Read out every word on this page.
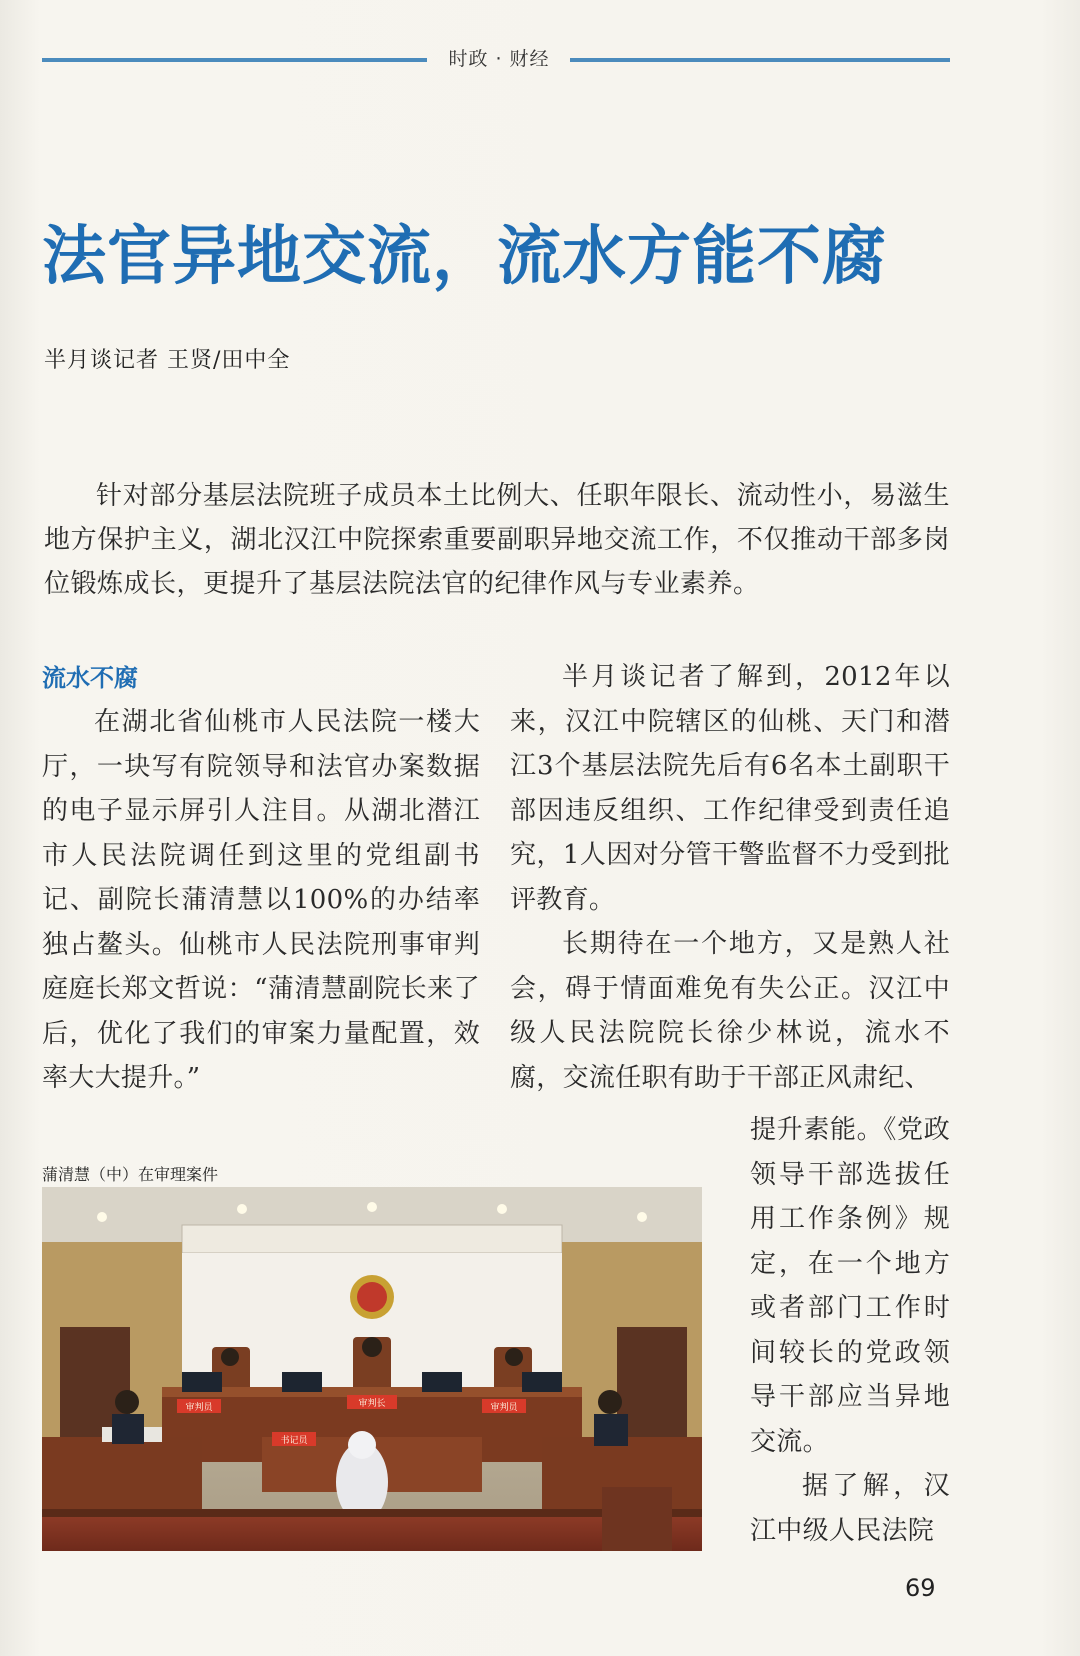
时政 · 财经
法官异地交流，流水方能不腐
半月谈记者 王贤/田中全

针对部分基层法院班子成员本土比例大、任职年限长、流动性小，易滋生地方保护主义，湖北汉江中院探索重要副职异地交流工作，不仅推动干部多岗位锻炼成长，更提升了基层法院法官的纪律作风与专业素养。

流水不腐

在湖北省仙桃市人民法院一楼大厅，一块写有院领导和法官办案数据的电子显示屏引人注目。从湖北潜江市人民法院调任到这里的党组副书记、副院长蒲清慧以100%的办结率独占鳌头。仙桃市人民法院刑事审判庭庭长郑文哲说：“蒲清慧副院长来了后，优化了我们的审案力量配置，效率大大提升。”

半月谈记者了解到，2012年以来，汉江中院辖区的仙桃、天门和潜江3个基层法院先后有6名本土副职干部因违反组织、工作纪律受到责任追究，1人因对分管干警监督不力受到批评教育。

长期待在一个地方，又是熟人社会，碍于情面难免有失公正。汉江中级人民法院院长徐少林说，流水不腐，交流任职有助于干部正风肃纪、

提升素能。《党政领导干部选拔任用工作条例》规定，在一个地方或者部门工作时间较长的党政领导干部应当异地交流。

据了解，汉江中级人民法院

蒲清慧（中）在审理案件
审判员	审判长	审判员
书记员
69
